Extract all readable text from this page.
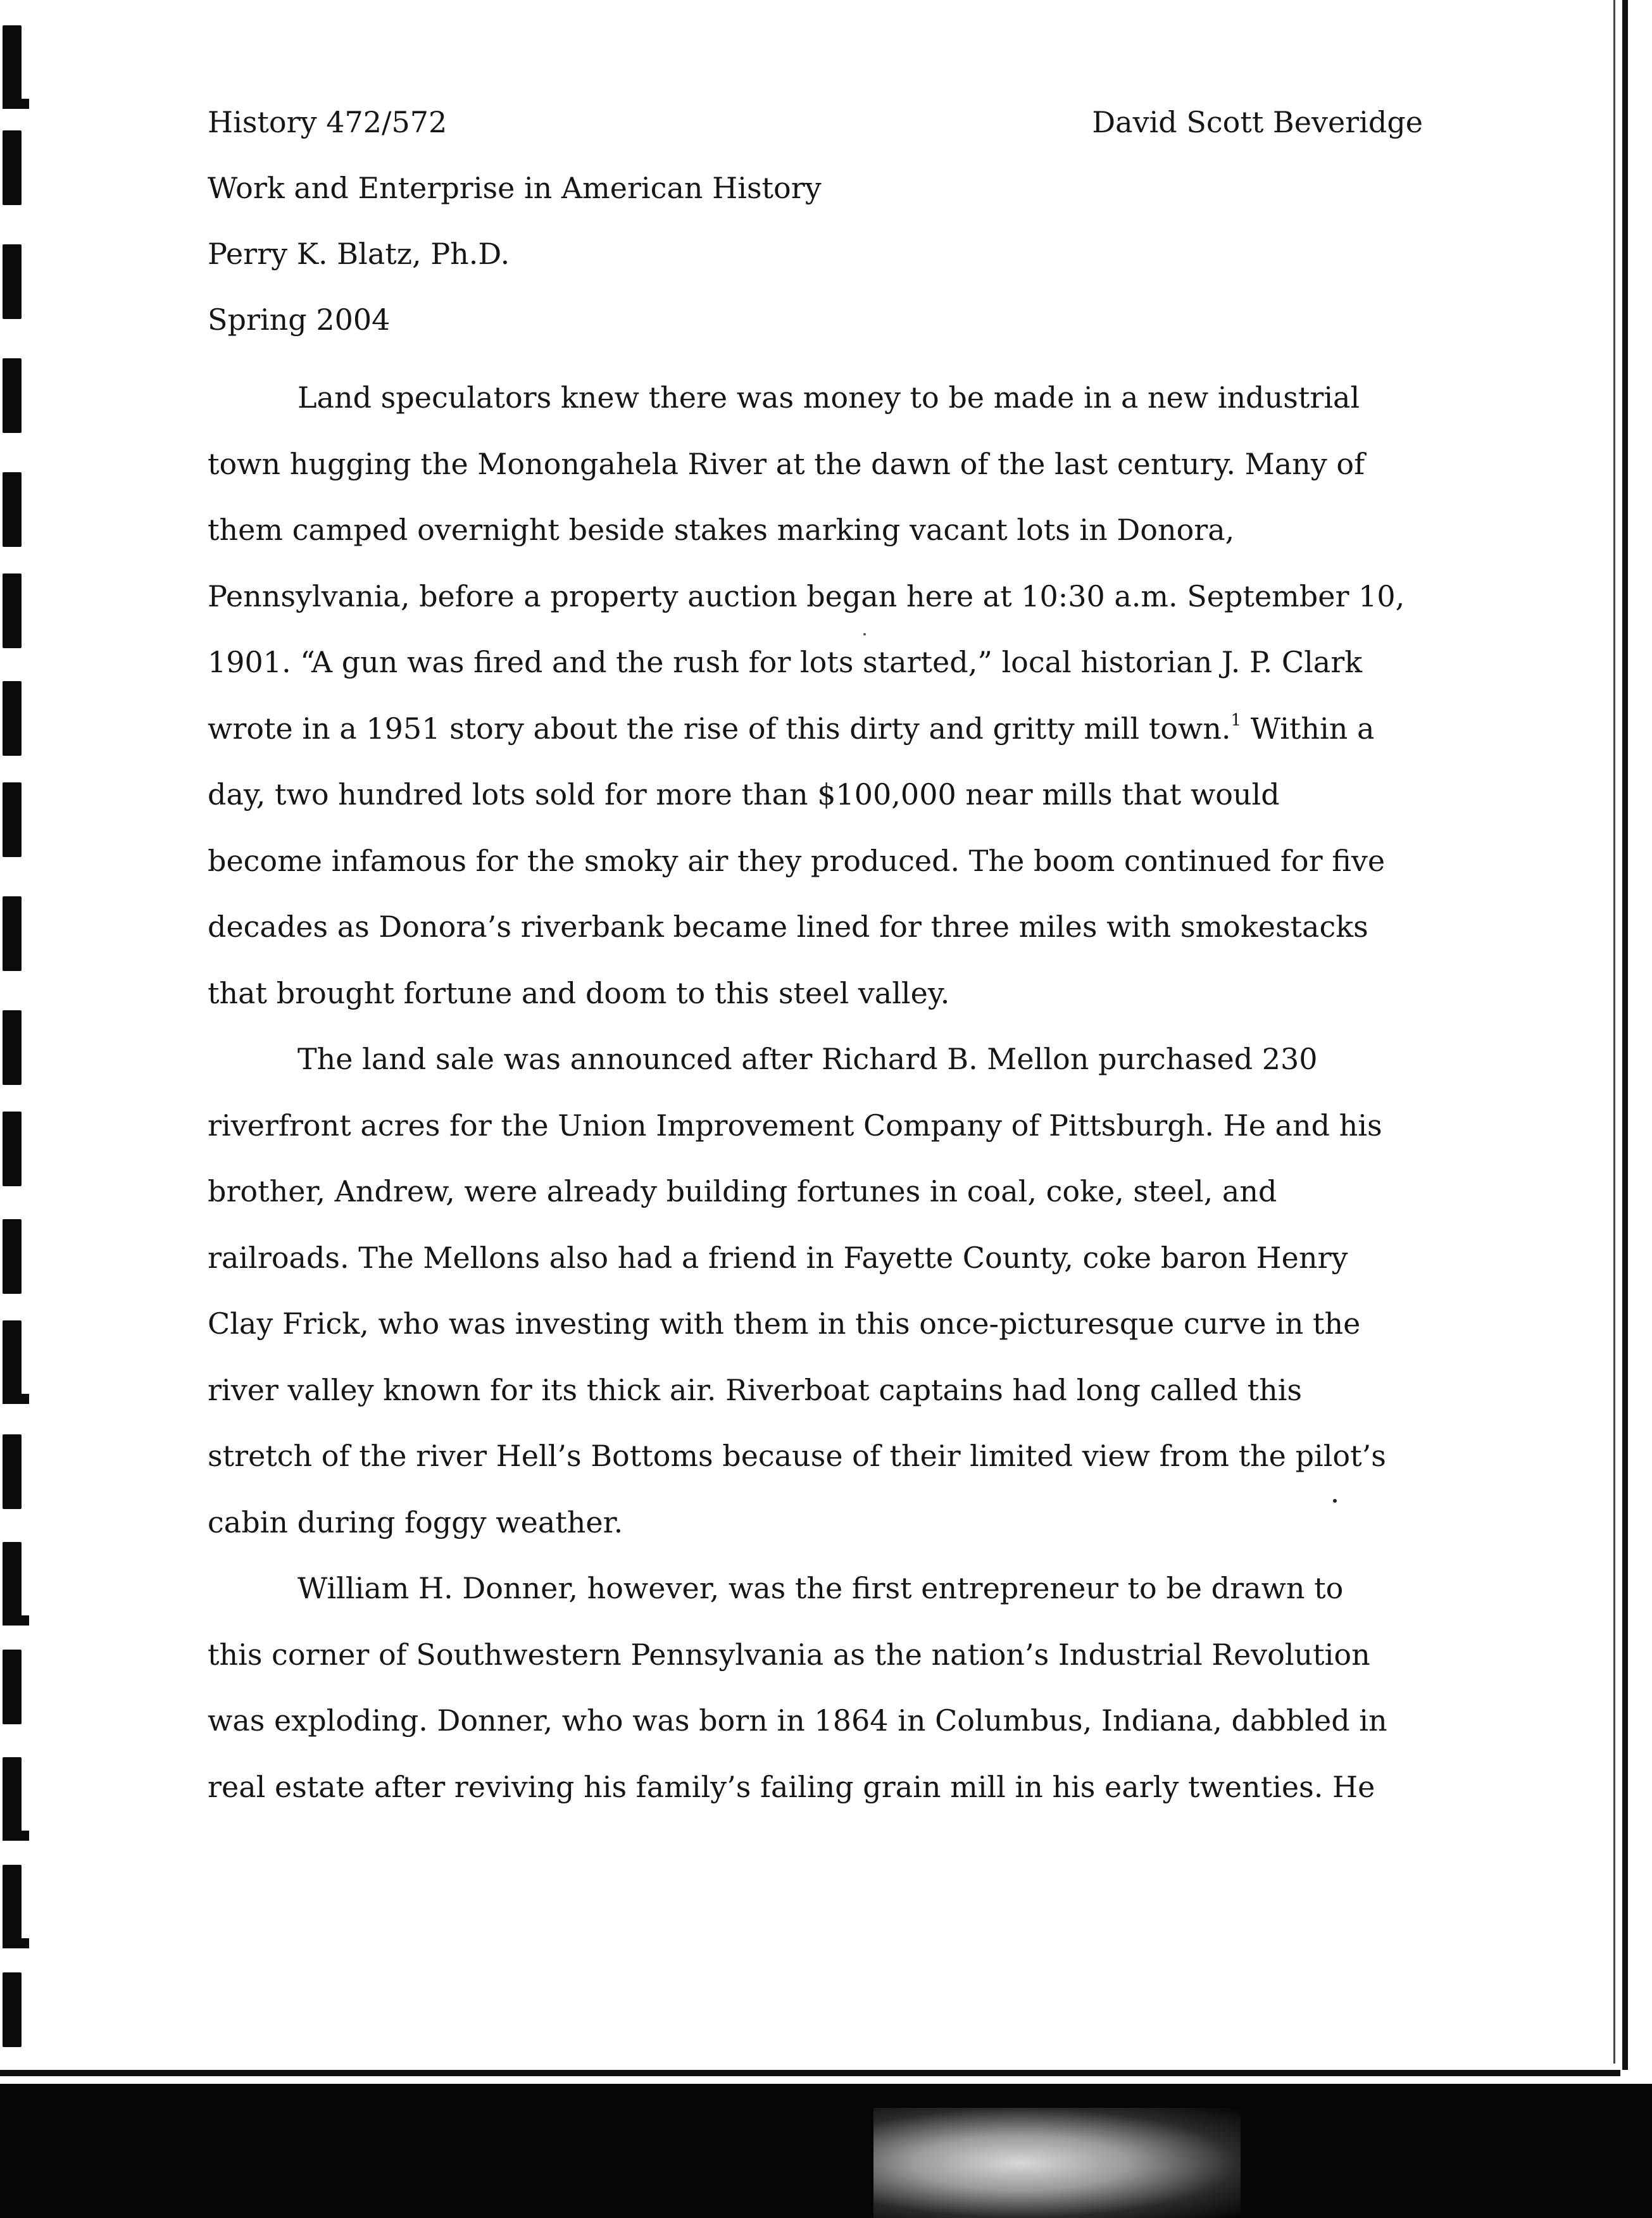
History 472/572	David Scott Beveridge
Work and Enterprise in American History
Perry K. Blatz, Ph.D.
Spring 2004

Land speculators knew there was money to be made in a new industrial
town hugging the Monongahela River at the dawn of the last century. Many of
them camped overnight beside stakes marking vacant lots in Donora,
Pennsylvania, before a property auction began here at 10:30 a.m. September 10,
1901. “A gun was fired and the rush for lots started,” local historian J. P. Clark
wrote in a 1951 story about the rise of this dirty and gritty mill town.$^1$ Within a
day, two hundred lots sold for more than $100,000 near mills that would
become infamous for the smoky air they produced. The boom continued for five
decades as Donora’s riverbank became lined for three miles with smokestacks
that brought fortune and doom to this steel valley.

The land sale was announced after Richard B. Mellon purchased 230
riverfront acres for the Union Improvement Company of Pittsburgh. He and his
brother, Andrew, were already building fortunes in coal, coke, steel, and
railroads. The Mellons also had a friend in Fayette County, coke baron Henry
Clay Frick, who was investing with them in this once-picturesque curve in the
river valley known for its thick air. Riverboat captains had long called this
stretch of the river Hell’s Bottoms because of their limited view from the pilot’s
cabin during foggy weather.

William H. Donner, however, was the first entrepreneur to be drawn to
this corner of Southwestern Pennsylvania as the nation’s Industrial Revolution
was exploding. Donner, who was born in 1864 in Columbus, Indiana, dabbled in
real estate after reviving his family’s failing grain mill in his early twenties. He
